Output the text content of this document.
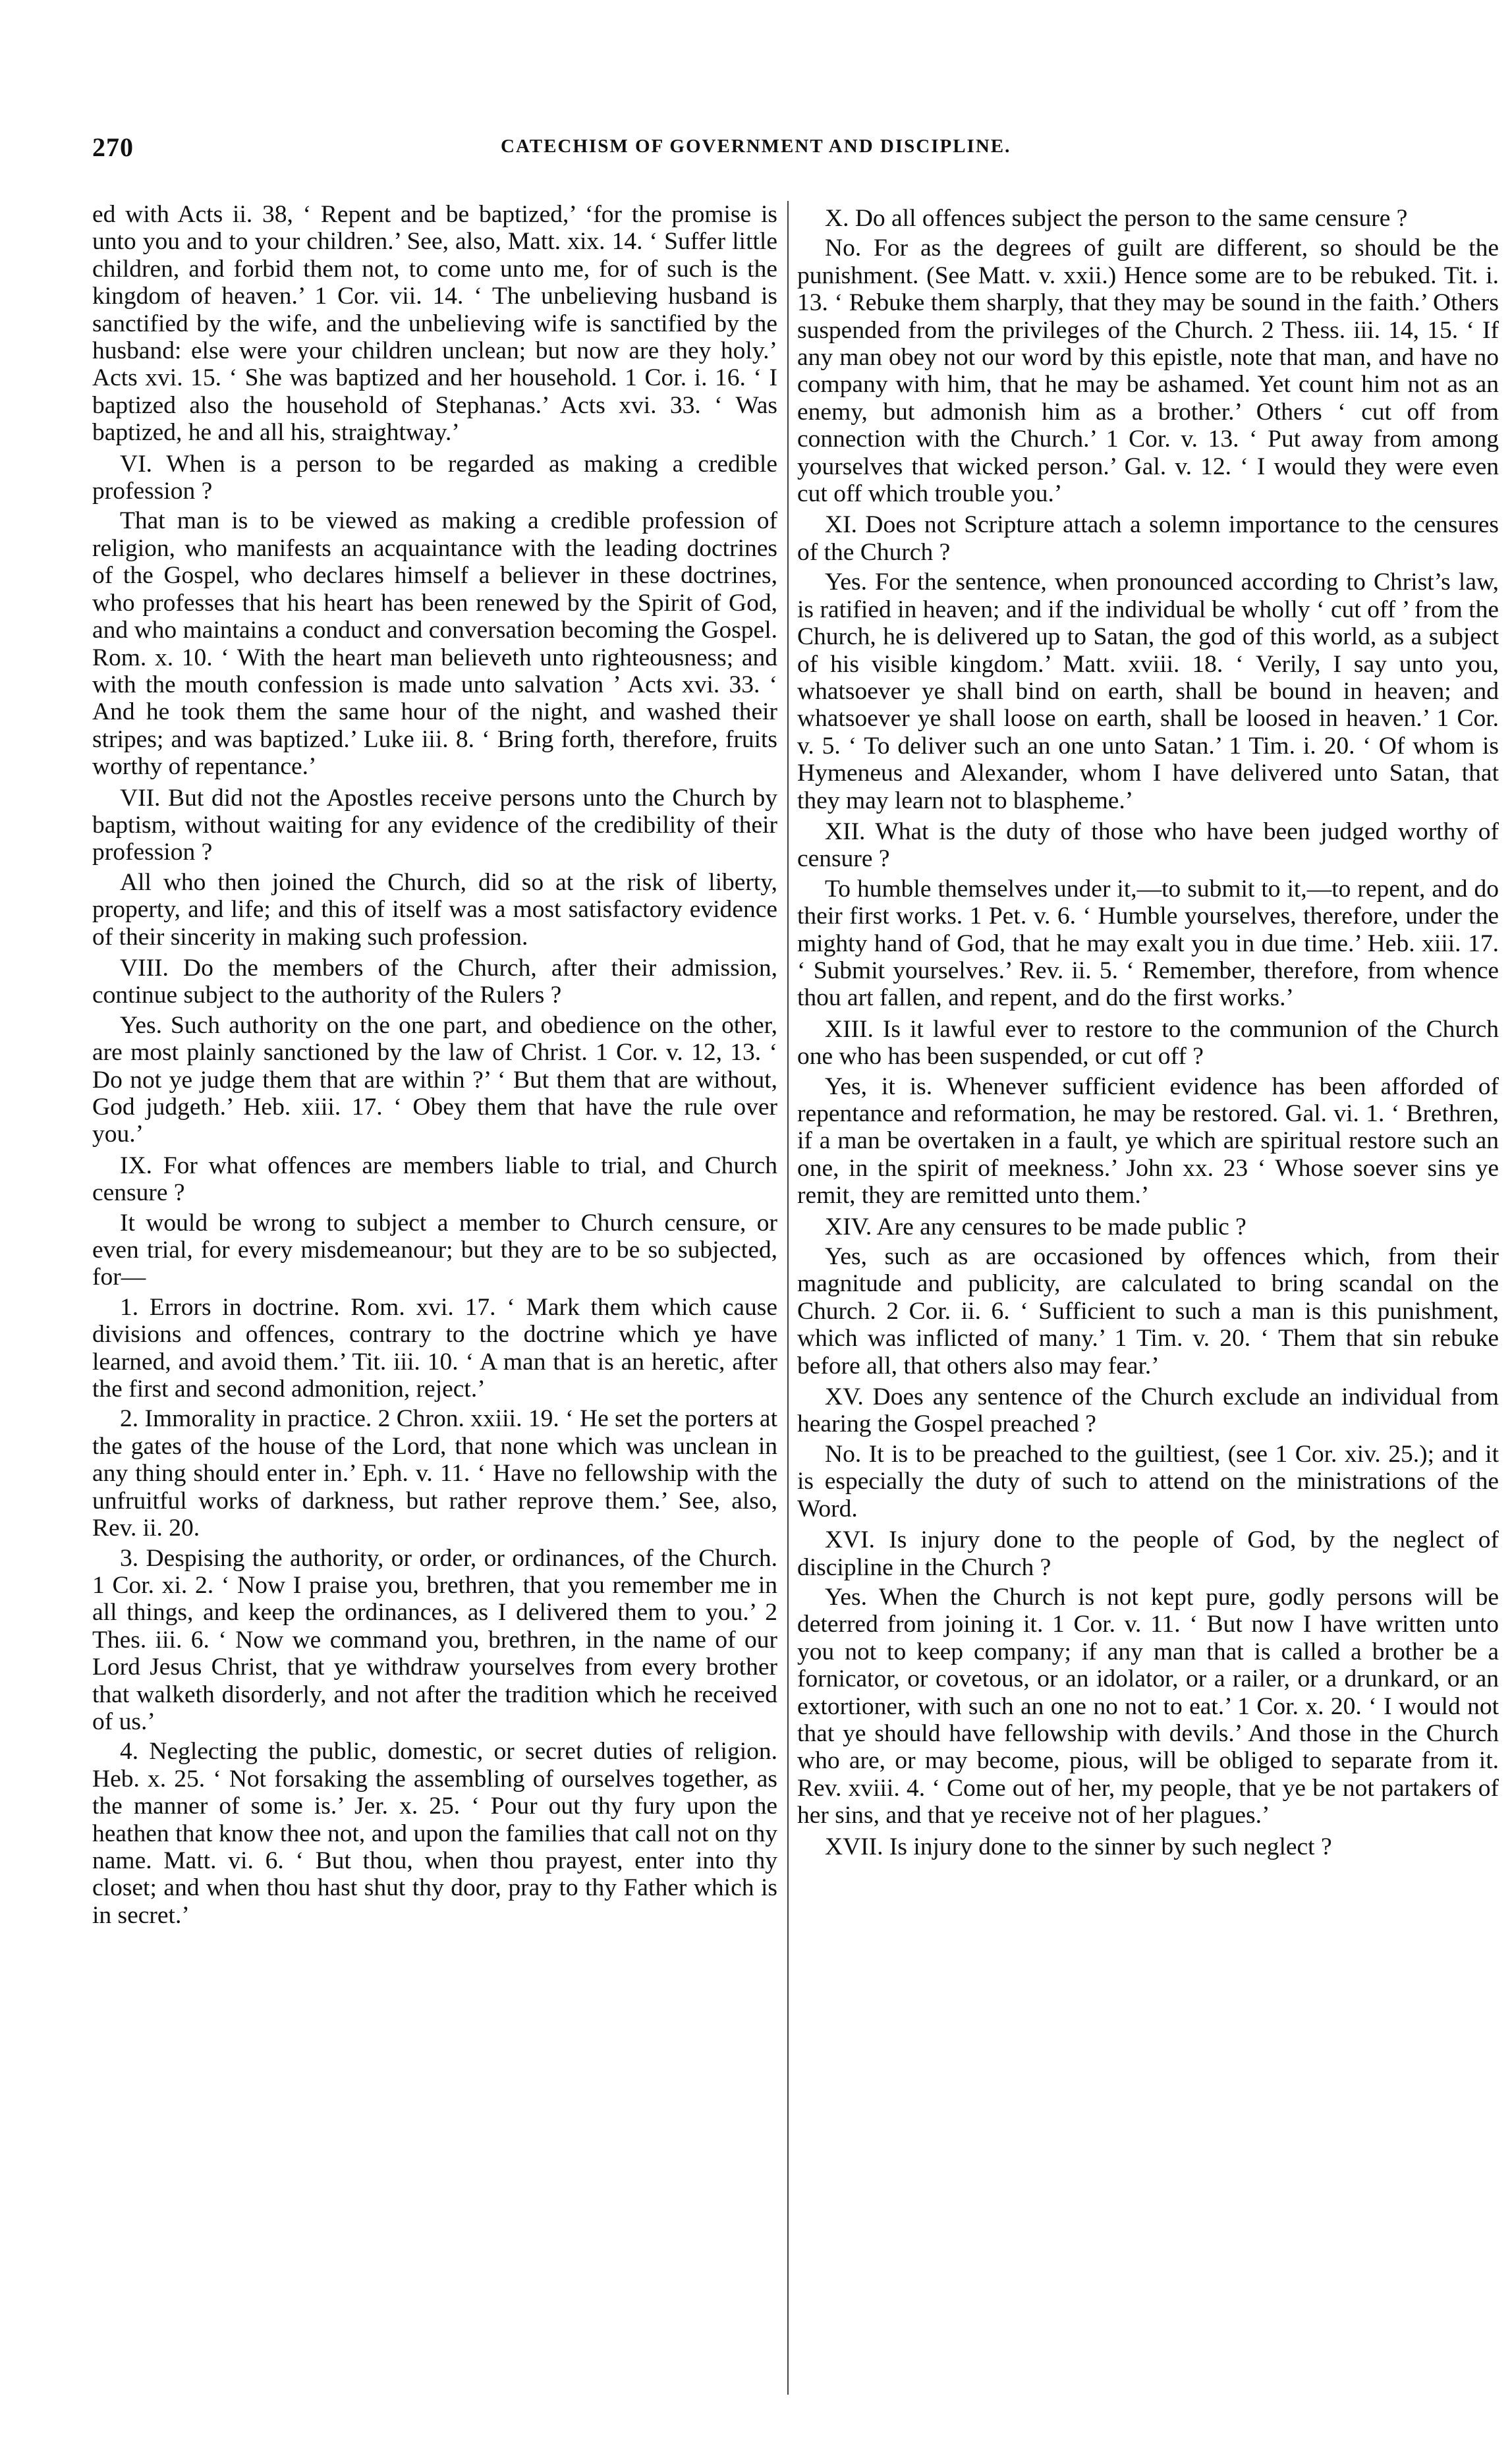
270	CATECHISM OF GOVERNMENT AND DISCIPLINE.

ed with Acts ii. 38, ‘ Repent and be baptized,’ ‘for the promise is unto you and to your children.’ See, also, Matt. xix. 14. ‘ Suffer little children, and forbid them not, to come unto me, for of such is the kingdom of heaven.’ 1 Cor. vii. 14. ‘ The unbelieving husband is sanctified by the wife, and the unbelieving wife is sanctified by the husband: else were your children unclean; but now are they holy.’ Acts xvi. 15. ‘ She was baptized and her household. 1 Cor. i. 16. ‘ I baptized also the household of Stephanas.’ Acts xvi. 33. ‘ Was baptized, he and all his, straightway.’

VI. When is a person to be regarded as making a credible profession ?

That man is to be viewed as making a credible profession of religion, who manifests an acquaintance with the leading doctrines of the Gospel, who declares himself a believer in these doctrines, who professes that his heart has been renewed by the Spirit of God, and who maintains a conduct and conversation becoming the Gospel. Rom. x. 10. ‘ With the heart man believeth unto righteousness; and with the mouth confession is made unto salvation ’ Acts xvi. 33. ‘ And he took them the same hour of the night, and washed their stripes; and was baptized.’ Luke iii. 8. ‘ Bring forth, therefore, fruits worthy of repentance.’

VII. But did not the Apostles receive persons unto the Church by baptism, without waiting for any evidence of the credibility of their profession ?

All who then joined the Church, did so at the risk of liberty, property, and life; and this of itself was a most satisfactory evidence of their sincerity in making such profession.

VIII. Do the members of the Church, after their admission, continue subject to the authority of the Rulers ?

Yes. Such authority on the one part, and obedience on the other, are most plainly sanctioned by the law of Christ. 1 Cor. v. 12, 13. ‘ Do not ye judge them that are within ?’ ‘ But them that are without, God judgeth.’ Heb. xiii. 17. ‘ Obey them that have the rule over you.’

IX. For what offences are members liable to trial, and Church censure ?

It would be wrong to subject a member to Church censure, or even trial, for every misdemeanour; but they are to be so subjected, for—

1. Errors in doctrine. Rom. xvi. 17. ‘ Mark them which cause divisions and offences, contrary to the doctrine which ye have learned, and avoid them.’ Tit. iii. 10. ‘ A man that is an heretic, after the first and second admonition, reject.’

2. Immorality in practice. 2 Chron. xxiii. 19. ‘ He set the porters at the gates of the house of the Lord, that none which was unclean in any thing should enter in.’ Eph. v. 11. ‘ Have no fellowship with the unfruitful works of darkness, but rather reprove them.’ See, also, Rev. ii. 20.

3. Despising the authority, or order, or ordinances, of the Church. 1 Cor. xi. 2. ‘ Now I praise you, brethren, that you remember me in all things, and keep the ordinances, as I delivered them to you.’ 2 Thes. iii. 6. ‘ Now we command you, brethren, in the name of our Lord Jesus Christ, that ye withdraw yourselves from every brother that walketh disorderly, and not after the tradition which he received of us.’

4. Neglecting the public, domestic, or secret duties of religion. Heb. x. 25. ‘ Not forsaking the assembling of ourselves together, as the manner of some is.’ Jer. x. 25. ‘ Pour out thy fury upon the heathen that know thee not, and upon the families that call not on thy name. Matt. vi. 6. ‘ But thou, when thou prayest, enter into thy closet; and when thou hast shut thy door, pray to thy Father which is in secret.’

X. Do all offences subject the person to the same censure ?

No. For as the degrees of guilt are different, so should be the punishment. (See Matt. v. xxii.) Hence some are to be rebuked. Tit. i. 13. ‘ Rebuke them sharply, that they may be sound in the faith.’ Others suspended from the privileges of the Church. 2 Thess. iii. 14, 15. ‘ If any man obey not our word by this epistle, note that man, and have no company with him, that he may be ashamed. Yet count him not as an enemy, but admonish him as a brother.’ Others ‘ cut off from connection with the Church.’ 1 Cor. v. 13. ‘ Put away from among yourselves that wicked person.’ Gal. v. 12. ‘ I would they were even cut off which trouble you.’

XI. Does not Scripture attach a solemn importance to the censures of the Church ?

Yes. For the sentence, when pronounced according to Christ’s law, is ratified in heaven; and if the individual be wholly ‘ cut off ’ from the Church, he is delivered up to Satan, the god of this world, as a subject of his visible kingdom.’ Matt. xviii. 18. ‘ Verily, I say unto you, whatsoever ye shall bind on earth, shall be bound in heaven; and whatsoever ye shall loose on earth, shall be loosed in heaven.’ 1 Cor. v. 5. ‘ To deliver such an one unto Satan.’ 1 Tim. i. 20. ‘ Of whom is Hymeneus and Alexander, whom I have delivered unto Satan, that they may learn not to blaspheme.’

XII. What is the duty of those who have been judged worthy of censure ?

To humble themselves under it,—to submit to it,—to repent, and do their first works. 1 Pet. v. 6. ‘ Humble yourselves, therefore, under the mighty hand of God, that he may exalt you in due time.’ Heb. xiii. 17. ‘ Submit yourselves.’ Rev. ii. 5. ‘ Remember, therefore, from whence thou art fallen, and repent, and do the first works.’

XIII. Is it lawful ever to restore to the communion of the Church one who has been suspended, or cut off ?

Yes, it is. Whenever sufficient evidence has been afforded of repentance and reformation, he may be restored. Gal. vi. 1. ‘ Brethren, if a man be overtaken in a fault, ye which are spiritual restore such an one, in the spirit of meekness.’ John xx. 23 ‘ Whose soever sins ye remit, they are remitted unto them.’

XIV. Are any censures to be made public ?

Yes, such as are occasioned by offences which, from their magnitude and publicity, are calculated to bring scandal on the Church. 2 Cor. ii. 6. ‘ Sufficient to such a man is this punishment, which was inflicted of many.’ 1 Tim. v. 20. ‘ Them that sin rebuke before all, that others also may fear.’

XV. Does any sentence of the Church exclude an individual from hearing the Gospel preached ?

No. It is to be preached to the guiltiest, (see 1 Cor. xiv. 25.); and it is especially the duty of such to attend on the ministrations of the Word.

XVI. Is injury done to the people of God, by the neglect of discipline in the Church ?

Yes. When the Church is not kept pure, godly persons will be deterred from joining it. 1 Cor. v. 11. ‘ But now I have written unto you not to keep company; if any man that is called a brother be a fornicator, or covetous, or an idolator, or a railer, or a drunkard, or an extortioner, with such an one no not to eat.’ 1 Cor. x. 20. ‘ I would not that ye should have fellowship with devils.’ And those in the Church who are, or may become, pious, will be obliged to separate from it. Rev. xviii. 4. ‘ Come out of her, my people, that ye be not partakers of her sins, and that ye receive not of her plagues.’

XVII. Is injury done to the sinner by such neglect ?
